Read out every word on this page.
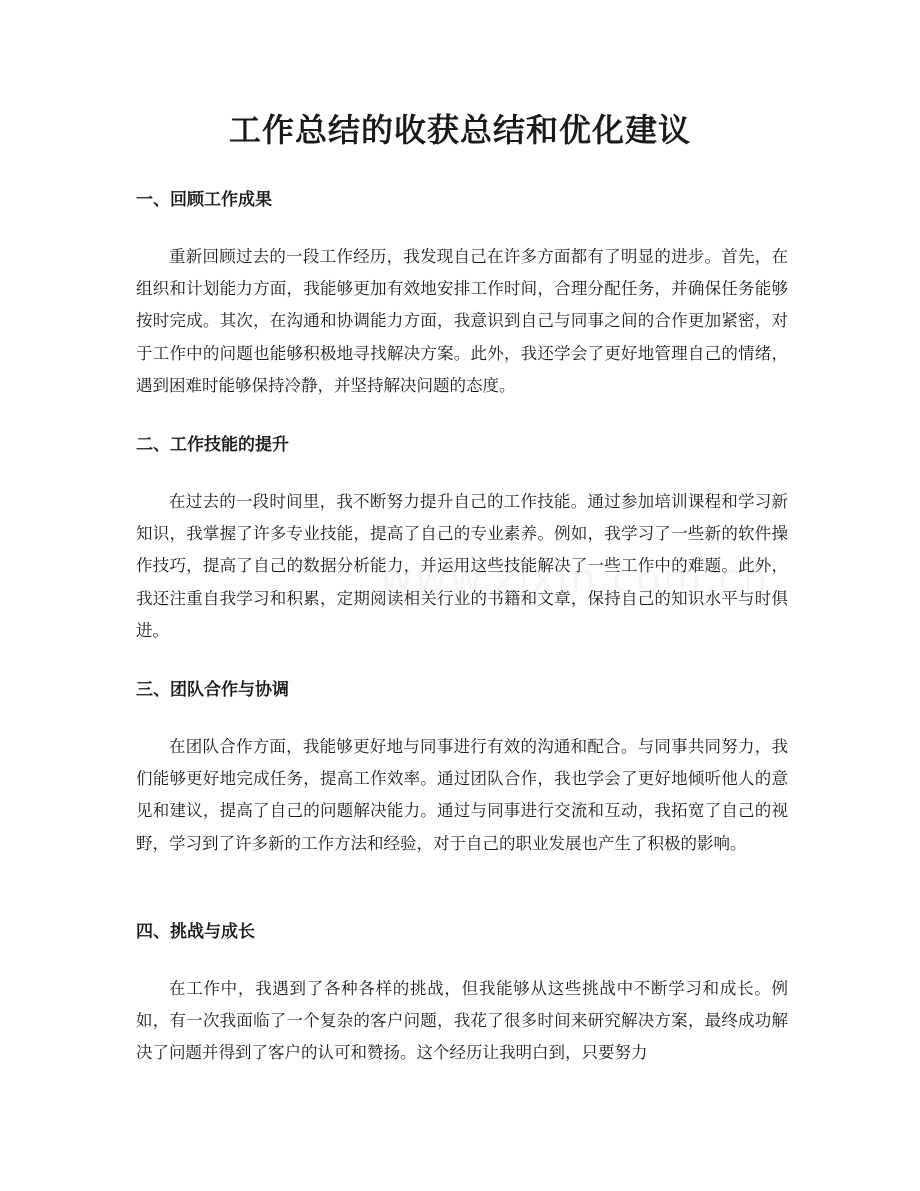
工作总结的收获总结和优化建议
一、回顾工作成果

重新回顾过去的一段工作经历，我发现自己在许多方面都有了明显的进步。首先，在组织和计划能力方面，我能够更加有效地安排工作时间，合理分配任务，并确保任务能够按时完成。其次，在沟通和协调能力方面，我意识到自己与同事之间的合作更加紧密，对于工作中的问题也能够积极地寻找解决方案。此外，我还学会了更好地管理自己的情绪，遇到困难时能够保持冷静，并坚持解决问题的态度。

二、工作技能的提升

在过去的一段时间里，我不断努力提升自己的工作技能。通过参加培训课程和学习新知识，我掌握了许多专业技能，提高了自己的专业素养。例如，我学习了一些新的软件操作技巧，提高了自己的数据分析能力，并运用这些技能解决了一些工作中的难题。此外，我还注重自我学习和积累，定期阅读相关行业的书籍和文章，保持自己的知识水平与时俱进。

三、团队合作与协调

在团队合作方面，我能够更好地与同事进行有效的沟通和配合。与同事共同努力，我们能够更好地完成任务，提高工作效率。通过团队合作，我也学会了更好地倾听他人的意见和建议，提高了自己的问题解决能力。通过与同事进行交流和互动，我拓宽了自己的视野，学习到了许多新的工作方法和经验，对于自己的职业发展也产生了积极的影响。

四、挑战与成长

在工作中，我遇到了各种各样的挑战，但我能够从这些挑战中不断学习和成长。例如，有一次我面临了一个复杂的客户问题，我花了很多时间来研究解决方案，最终成功解决了问题并得到了客户的认可和赞扬。这个经历让我明白到，只要努力
